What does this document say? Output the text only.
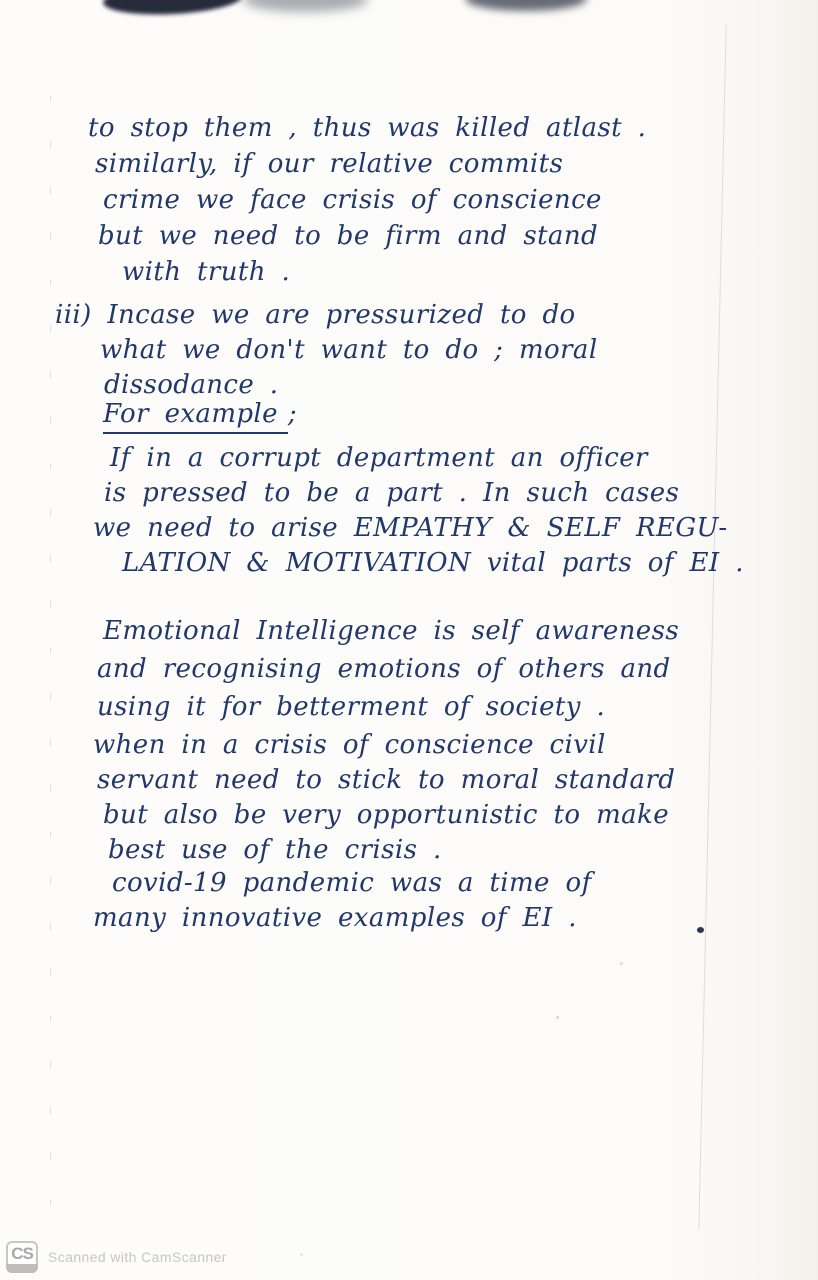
to stop them , thus was killed atlast .
similarly, if our relative commits
crime we face crisis of conscience
but we need to be firm and stand
with truth .
iii) Incase we are pressurized to do
what we don't want to do ; moral
dissodance .
For example ;
If in a corrupt department an officer
is pressed to be a part . In such cases
we need to arise EMPATHY & SELF REGU-
LATION & MOTIVATION vital parts of EI .
Emotional Intelligence is self awareness
and recognising emotions of others and
using it for betterment of society .
when in a crisis of conscience civil
servant need to stick to moral standard
but also be very opportunistic to make
best use of the crisis .
covid-19 pandemic was a time of
many innovative examples of EI .
CS Scanned with CamScanner
